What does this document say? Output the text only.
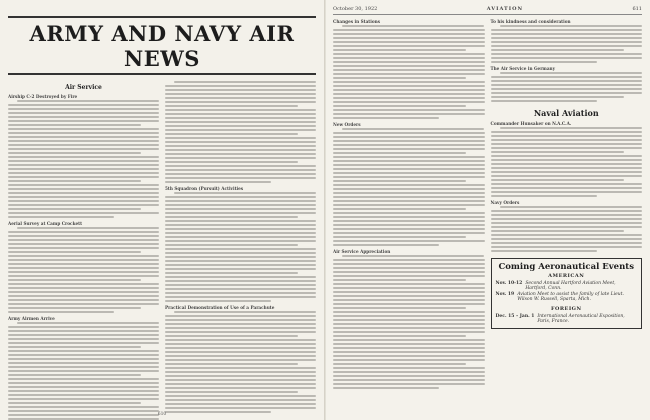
ARMY AND NAVY AIR NEWS
Air Service
Airship C-2 Destroyed by Fire
Aerial Survey at Camp Crockett
Army Airmen Arrive
5th Squadron (Pursuit) Activities
Practical Demonstration of Use of a Parachute
610
October 30, 1922	AVIATION	611
Changes in Stations
New Orders
Air Service Appreciation
To his kindness and consideration
The Air Service in Germany
Naval Aviation
Commander Hunsaker on N.A.C.A.
Navy Orders
Coming Aeronautical Events
AMERICAN
Nov. 10-12 Second Annual Hartford Aviation Meet, Hartford, Conn.
Nov. 19 Aviation Meet to assist the family of late Lieut. Wilson W. Russell, Sparta, Mich.
FOREIGN
Dec. 15 – Jan. 1 International Aeronautical Exposition, Paris, France.
